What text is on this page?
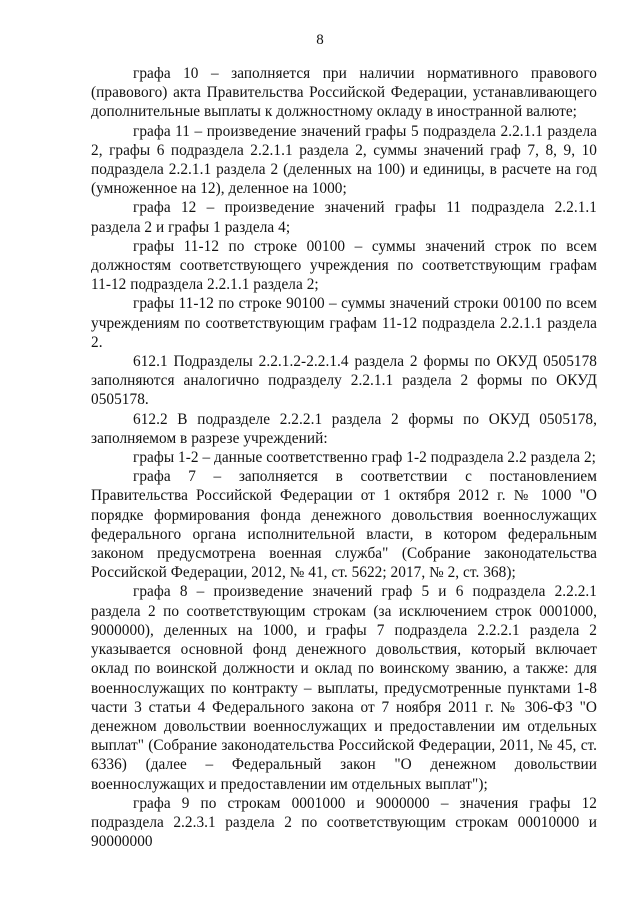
8

графа 10 – заполняется при наличии нормативного правового (правового) акта Правительства Российской Федерации, устанавливающего дополнительные выплаты к должностному окладу в иностранной валюте;

графа 11 – произведение значений графы 5 подраздела 2.2.1.1 раздела 2, графы 6 подраздела 2.2.1.1 раздела 2, суммы значений граф 7, 8, 9, 10 подраздела 2.2.1.1 раздела 2 (деленных на 100) и единицы, в расчете на год (умноженное на 12), деленное на 1000;

графа 12 – произведение значений графы 11 подраздела 2.2.1.1 раздела 2 и графы 1 раздела 4;

графы 11-12 по строке 00100 – суммы значений строк по всем должностям соответствующего учреждения по соответствующим графам 11-12 подраздела 2.2.1.1 раздела 2;

графы 11-12 по строке 90100 – суммы значений строки 00100 по всем учреждениям по соответствующим графам 11-12 подраздела 2.2.1.1 раздела 2.

612.1 Подразделы 2.2.1.2-2.2.1.4 раздела 2 формы по ОКУД 0505178 заполняются аналогично подразделу 2.2.1.1 раздела 2 формы по ОКУД 0505178.

612.2 В подразделе 2.2.2.1 раздела 2 формы по ОКУД 0505178, заполняемом в разрезе учреждений:

графы 1-2 – данные соответственно граф 1-2 подраздела 2.2 раздела 2;

графа 7 – заполняется в соответствии с постановлением Правительства Российской Федерации от 1 октября 2012 г. № 1000 "О порядке формирования фонда денежного довольствия военнослужащих федерального органа исполнительной власти, в котором федеральным законом предусмотрена военная служба" (Собрание законодательства Российской Федерации, 2012, № 41, ст. 5622; 2017, № 2, ст. 368);

графа 8 – произведение значений граф 5 и 6 подраздела 2.2.2.1 раздела 2 по соответствующим строкам (за исключением строк 0001000, 9000000), деленных на 1000, и графы 7 подраздела 2.2.2.1 раздела 2 указывается основной фонд денежного довольствия, который включает оклад по воинской должности и оклад по воинскому званию, а также: для военнослужащих по контракту – выплаты, предусмотренные пунктами 1-8 части 3 статьи 4 Федерального закона от 7 ноября 2011 г. № 306-ФЗ "О денежном довольствии военнослужащих и предоставлении им отдельных выплат" (Собрание законодательства Российской Федерации, 2011, № 45, ст. 6336) (далее – Федеральный закон "О денежном довольствии военнослужащих и предоставлении им отдельных выплат");

графа 9 по строкам 0001000 и 9000000 – значения графы 12 подраздела 2.2.3.1 раздела 2 по соответствующим строкам 00010000 и 90000000
